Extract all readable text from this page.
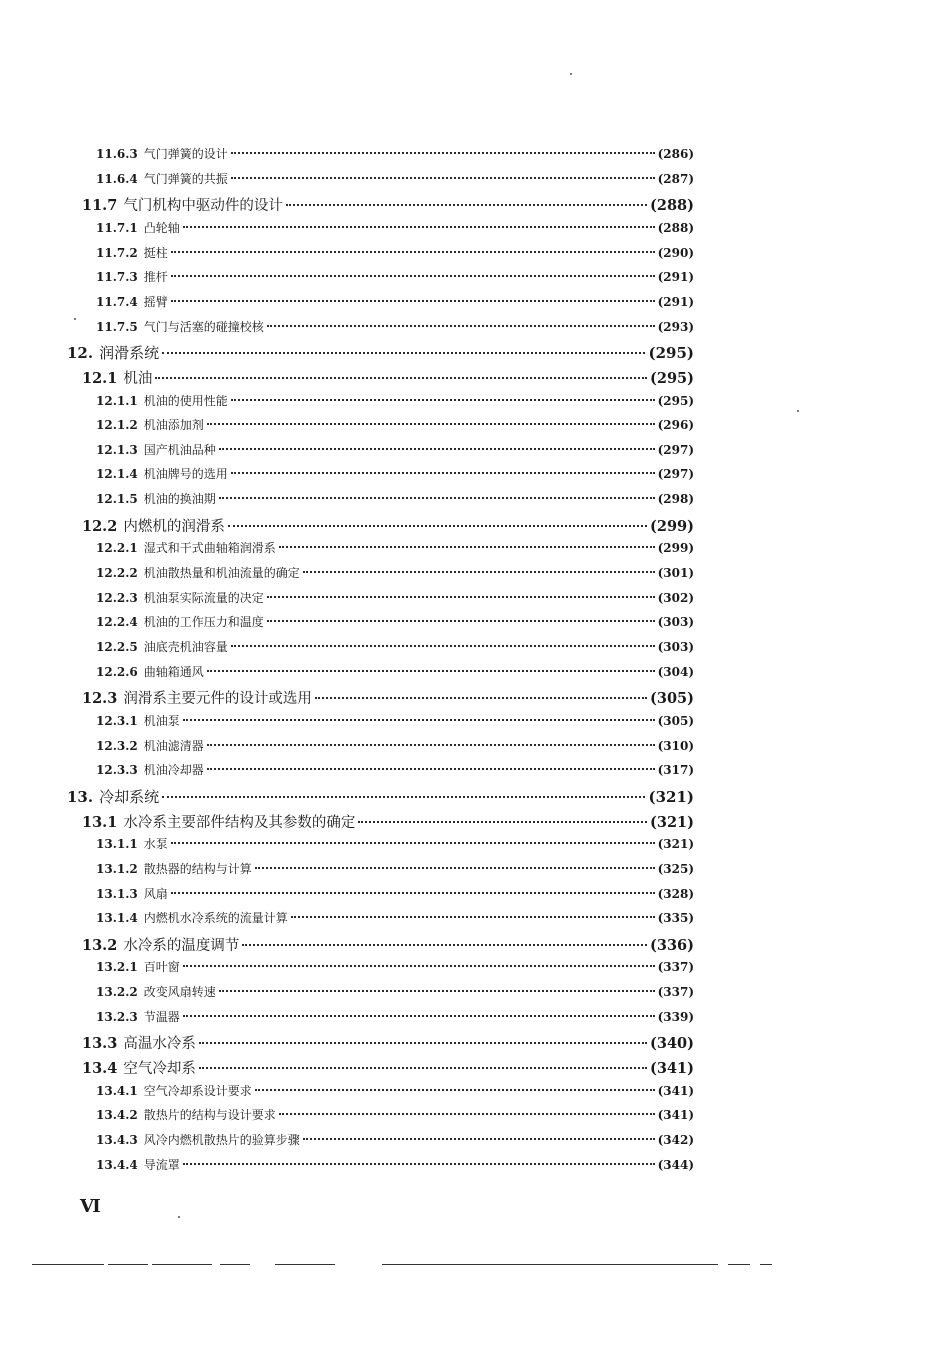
11.6.3 气门弹簧的设计	(286)
11.6.4 气门弹簧的共振	(287)
11.7 气门机构中驱动件的设计	(288)
11.7.1 凸轮轴	(288)
11.7.2 挺柱	(290)
11.7.3 推杆	(291)
11.7.4 摇臂	(291)
11.7.5 气门与活塞的碰撞校核	(293)
12. 润滑系统	(295)
12.1 机油	(295)
12.1.1 机油的使用性能	(295)
12.1.2 机油添加剂	(296)
12.1.3 国产机油品种	(297)
12.1.4 机油牌号的选用	(297)
12.1.5 机油的换油期	(298)
12.2 内燃机的润滑系	(299)
12.2.1 湿式和干式曲轴箱润滑系	(299)
12.2.2 机油散热量和机油流量的确定	(301)
12.2.3 机油泵实际流量的决定	(302)
12.2.4 机油的工作压力和温度	(303)
12.2.5 油底壳机油容量	(303)
12.2.6 曲轴箱通风	(304)
12.3 润滑系主要元件的设计或选用	(305)
12.3.1 机油泵	(305)
12.3.2 机油滤清器	(310)
12.3.3 机油冷却器	(317)
13. 冷却系统	(321)
13.1 水冷系主要部件结构及其参数的确定	(321)
13.1.1 水泵	(321)
13.1.2 散热器的结构与计算	(325)
13.1.3 风扇	(328)
13.1.4 内燃机水冷系统的流量计算	(335)
13.2 水冷系的温度调节	(336)
13.2.1 百叶窗	(337)
13.2.2 改变风扇转速	(337)
13.2.3 节温器	(339)
13.3 高温水冷系	(340)
13.4 空气冷却系	(341)
13.4.1 空气冷却系设计要求	(341)
13.4.2 散热片的结构与设计要求	(341)
13.4.3 风冷内燃机散热片的验算步骤	(342)
13.4.4 导流罩	(344)
Ⅵ
